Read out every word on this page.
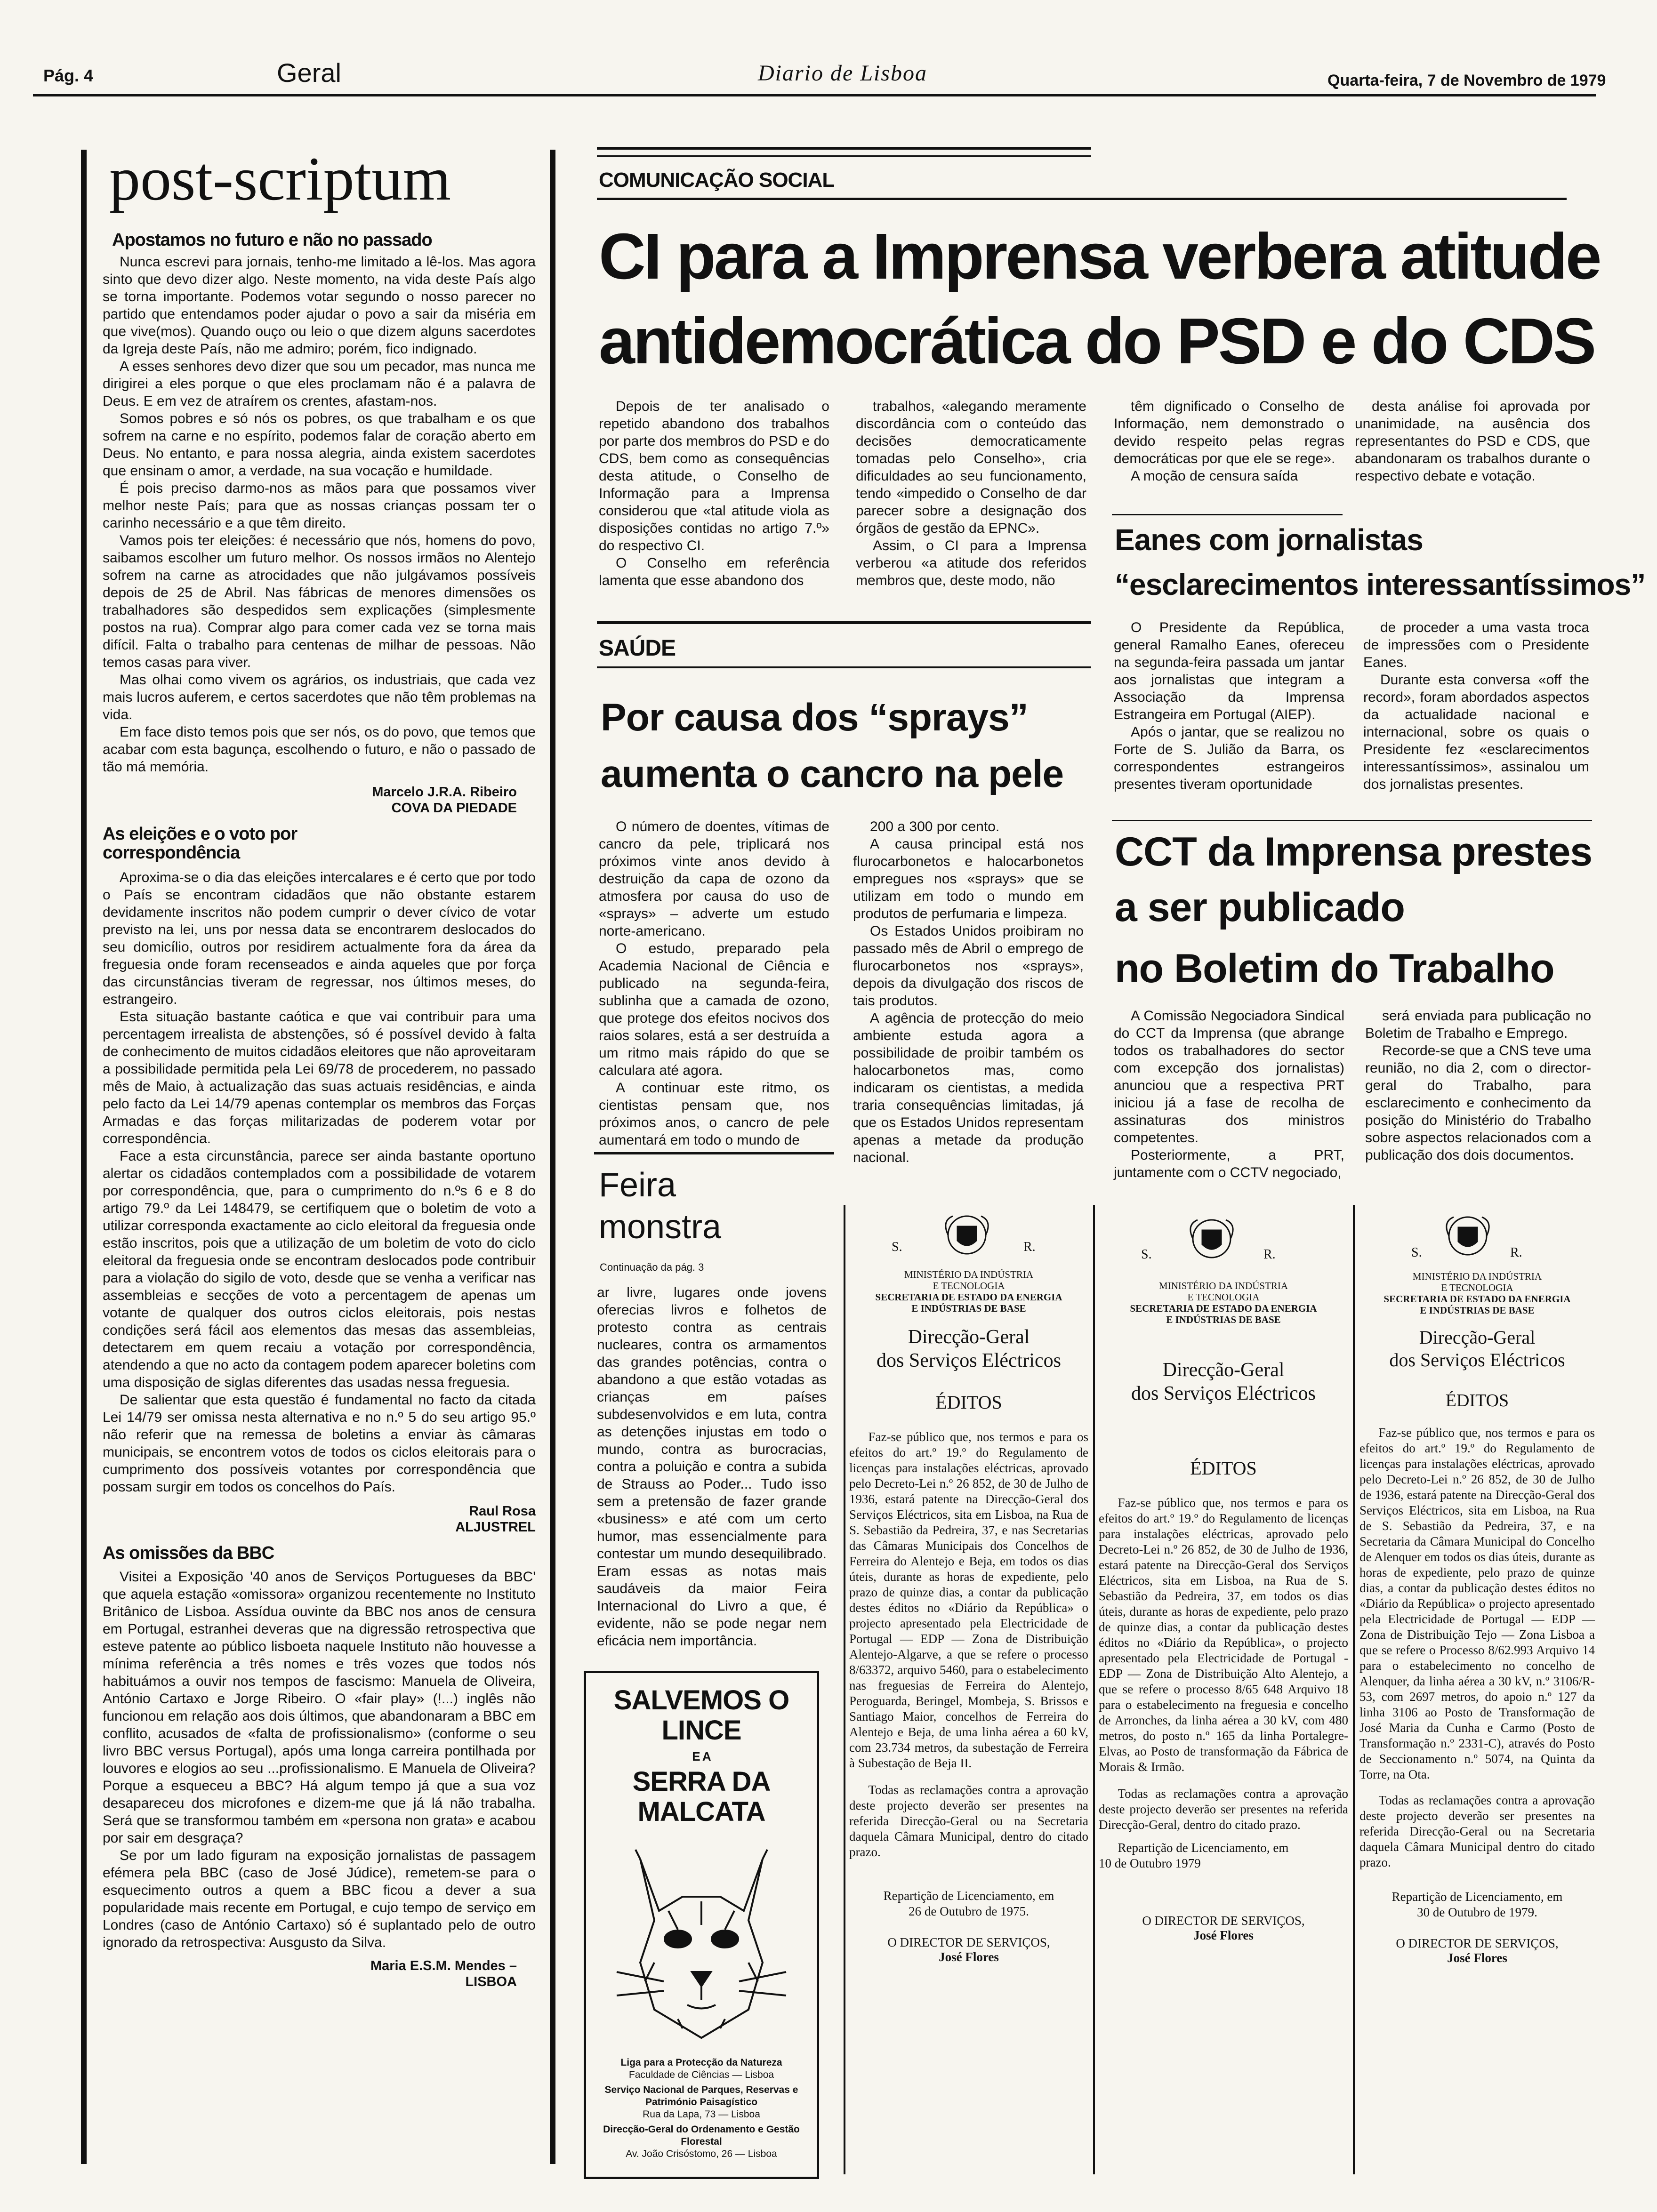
Pág. 4	Geral	Diario de Lisboa	Quarta-feira, 7 de Novembro de 1979
post-scriptum
Apostamos no futuro e não no passado

Nunca escrevi para jornais, tenho-me limitado a lê-los. Mas agora sinto que devo dizer algo. Neste momento, na vida deste País algo se torna importante. Podemos votar segundo o nosso parecer no partido que entendamos poder ajudar o povo a sair da miséria em que vive(mos). Quando ouço ou leio o que dizem alguns sacerdotes da Igreja deste País, não me admiro; porém, fico indignado.

A esses senhores devo dizer que sou um pecador, mas nunca me dirigirei a eles porque o que eles proclamam não é a palavra de Deus. E em vez de atraírem os crentes, afastam-nos.

Somos pobres e só nós os pobres, os que trabalham e os que sofrem na carne e no espírito, podemos falar de coração aberto em Deus. No entanto, e para nossa alegria, ainda existem sacerdotes que ensinam o amor, a verdade, na sua vocação e humildade.

É pois preciso darmo-nos as mãos para que possamos viver melhor neste País; para que as nossas crianças possam ter o carinho necessário e a que têm direito.

Vamos pois ter eleições: é necessário que nós, homens do povo, saibamos escolher um futuro melhor. Os nossos irmãos no Alentejo sofrem na carne as atrocidades que não julgávamos possíveis depois de 25 de Abril. Nas fábricas de menores dimensões os trabalhadores são despedidos sem explicações (simplesmente postos na rua). Comprar algo para comer cada vez se torna mais difícil. Falta o trabalho para centenas de milhar de pessoas. Não temos casas para viver.

Mas olhai como vivem os agrários, os industriais, que cada vez mais lucros auferem, e certos sacerdotes que não têm problemas na vida.

Em face disto temos pois que ser nós, os do povo, que temos que acabar com esta bagunça, escolhendo o futuro, e não o passado de tão má memória.

Marcelo J.R.A. Ribeiro
COVA DA PIEDADE
As eleições e o voto por correspondência

Aproxima-se o dia das eleições intercalares e é certo que por todo o País se encontram cidadãos que não obstante estarem devidamente inscritos não podem cumprir o dever cívico de votar previsto na lei, uns por nessa data se encontrarem deslocados do seu domicílio, outros por residirem actualmente fora da área da freguesia onde foram recenseados e ainda aqueles que por força das circunstâncias tiveram de regressar, nos últimos meses, do estrangeiro.

Esta situação bastante caótica e que vai contribuir para uma percentagem irrealista de abstenções, só é possível devido à falta de conhecimento de muitos cidadãos eleitores que não aproveitaram a possibilidade permitida pela Lei 69/78 de procederem, no passado mês de Maio, à actualização das suas actuais residências, e ainda pelo facto da Lei 14/79 apenas contemplar os membros das Forças Armadas e das forças militarizadas de poderem votar por correspondência.

Face a esta circunstância, parece ser ainda bastante oportuno alertar os cidadãos contemplados com a possibilidade de votarem por correspondência, que, para o cumprimento do n.ºs 6 e 8 do artigo 79.º da Lei 148479, se certifiquem que o boletim de voto a utilizar corresponda exactamente ao ciclo eleitoral da freguesia onde estão inscritos, pois que a utilização de um boletim de voto do ciclo eleitoral da freguesia onde se encontram deslocados pode contribuir para a violação do sigilo de voto, desde que se venha a verificar nas assembleias e secções de voto a percentagem de apenas um votante de qualquer dos outros ciclos eleitorais, pois nestas condições será fácil aos elementos das mesas das assembleias, detectarem em quem recaiu a votação por correspondência, atendendo a que no acto da contagem podem aparecer boletins com uma disposição de siglas diferentes das usadas nessa freguesia.

De salientar que esta questão é fundamental no facto da citada Lei 14/79 ser omissa nesta alternativa e no n.º 5 do seu artigo 95.º não referir que na remessa de boletins a enviar às câmaras municipais, se encontrem votos de todos os ciclos eleitorais para o cumprimento dos possíveis votantes por correspondência que possam surgir em todos os concelhos do País.

Raul Rosa
ALJUSTREL
As omissões da BBC

Visitei a Exposição '40 anos de Serviços Portugueses da BBC' que aquela estação «omissora» organizou recentemente no Instituto Britânico de Lisboa. Assídua ouvinte da BBC nos anos de censura em Portugal, estranhei deveras que na digressão retrospectiva que esteve patente ao público lisboeta naquele Instituto não houvesse a mínima referência a três nomes e três vozes que todos nós habituámos a ouvir nos tempos de fascismo: Manuela de Oliveira, António Cartaxo e Jorge Ribeiro. O «fair play» (!...) inglês não funcionou em relação aos dois últimos, que abandonaram a BBC em conflito, acusados de «falta de profissionalismo» (conforme o seu livro BBC versus Portugal), após uma longa carreira pontilhada por louvores e elogios ao seu ...profissionalismo. E Manuela de Oliveira? Porque a esqueceu a BBC? Há algum tempo já que a sua voz desapareceu dos microfones e dizem-me que já lá não trabalha. Será que se transformou também em «persona non grata» e acabou por sair em desgraça?

Se por um lado figuram na exposição jornalistas de passagem efémera pela BBC (caso de José Júdice), remetem-se para o esquecimento outros a quem a BBC ficou a dever a sua popularidade mais recente em Portugal, e cujo tempo de serviço em Londres (caso de António Cartaxo) só é suplantado pelo de outro ignorado da retrospectiva: Ausgusto da Silva.

Maria E.S.M. Mendes –
LISBOA
COMUNICAÇÃO SOCIAL
CI para a Imprensa verbera atitude
antidemocrática do PSD e do CDS

Depois de ter analisado o repetido abandono dos trabalhos por parte dos membros do PSD e do CDS, bem como as consequências desta atitude, o Conselho de Informação para a Imprensa considerou que «tal atitude viola as disposições contidas no artigo 7.º» do respectivo CI.

O Conselho em referência lamenta que esse abandono dos

trabalhos, «alegando meramente discordância com o conteúdo das decisões democraticamente tomadas pelo Conselho», cria dificuldades ao seu funcionamento, tendo «impedido o Conselho de dar parecer sobre a designação dos órgãos de gestão da EPNC».

Assim, o CI para a Imprensa verberou «a atitude dos referidos membros que, deste modo, não

têm dignificado o Conselho de Informação, nem demonstrado o devido respeito pelas regras democráticas por que ele se rege».

A moção de censura saída

desta análise foi aprovada por unanimidade, na ausência dos representantes do PSD e CDS, que abandonaram os trabalhos durante o respectivo debate e votação.

Eanes com jornalistas
“esclarecimentos interessantíssimos”

O Presidente da República, general Ramalho Eanes, ofereceu na segunda-feira passada um jantar aos jornalistas que integram a Associação da Imprensa Estrangeira em Portugal (AIEP).

Após o jantar, que se realizou no Forte de S. Julião da Barra, os correspondentes estrangeiros presentes tiveram oportunidade

de proceder a uma vasta troca de impressões com o Presidente Eanes.

Durante esta conversa «off the record», foram abordados aspectos da actualidade nacional e internacional, sobre os quais o Presidente fez «esclarecimentos interessantíssimos», assinalou um dos jornalistas presentes.

SAÚDE
Por causa dos “sprays”
aumenta o cancro na pele

O número de doentes, vítimas de cancro da pele, triplicará nos próximos vinte anos devido à destruição da capa de ozono da atmosfera por causa do uso de «sprays» – adverte um estudo norte-americano.

O estudo, preparado pela Academia Nacional de Ciência e publicado na segunda-feira, sublinha que a camada de ozono, que protege dos efeitos nocivos dos raios solares, está a ser destruída a um ritmo mais rápido do que se calculara até agora.

A continuar este ritmo, os cientistas pensam que, nos próximos anos, o cancro de pele aumentará em todo o mundo de

200 a 300 por cento.

A causa principal está nos flurocarbonetos e halocarbonetos empregues nos «sprays» que se utilizam em todo o mundo em produtos de perfumaria e limpeza.

Os Estados Unidos proibiram no passado mês de Abril o emprego de flurocarbonetos nos «sprays», depois da divulgação dos riscos de tais produtos.

A agência de protecção do meio ambiente estuda agora a possibilidade de proibir também os halocarbonetos mas, como indicaram os cientistas, a medida traria consequências limitadas, já que os Estados Unidos representam apenas a metade da produção nacional.

CCT da Imprensa prestes
a ser publicado
no Boletim do Trabalho

A Comissão Negociadora Sindical do CCT da Imprensa (que abrange todos os trabalhadores do sector com excepção dos jornalistas) anunciou que a respectiva PRT iniciou já a fase de recolha de assinaturas dos ministros competentes.

Posteriormente, a PRT, juntamente com o CCTV negociado,

será enviada para publicação no Boletim de Trabalho e Emprego.

Recorde-se que a CNS teve uma reunião, no dia 2, com o director-geral do Trabalho, para esclarecimento e conhecimento da posição do Ministério do Trabalho sobre aspectos relacionados com a publicação dos dois documentos.

Feira
monstra
Continuação da pág. 3

ar livre, lugares onde jovens oferecias livros e folhetos de protesto contra as centrais nucleares, contra os armamentos das grandes potências, contra o abandono a que estão votadas as crianças em países subdesenvolvidos e em luta, contra as detenções injustas em todo o mundo, contra as burocracias, contra a poluição e contra a subida de Strauss ao Poder... Tudo isso sem a pretensão de fazer grande «business» e até com um certo humor, mas essencialmente para contestar um mundo desequilibrado. Eram essas as notas mais saudáveis da maior Feira Internacional do Livro a que, é evidente, não se pode negar nem eficácia nem importância.

SALVEMOS O LINCE
E A
SERRA DA MALCATA
Liga para a Protecção da Natureza
Faculdade de Ciências — Lisboa
Serviço Nacional de Parques, Reservas e Património Paisagístico
Rua da Lapa, 73 — Lisboa
Direcção-Geral do Ordenamento e Gestão Florestal
Av. João Crisóstomo, 26 — Lisboa
S.	R.
MINISTÉRIO DA INDÚSTRIA
E TECNOLOGIA
SECRETARIA DE ESTADO DA ENERGIA
E INDÚSTRIAS DE BASE
Direcção-Geral
dos Serviços Eléctricos
ÉDITOS

Faz-se público que, nos termos e para os efeitos do art.º 19.º do Regulamento de licenças para instalações eléctricas, aprovado pelo Decreto-Lei n.º 26 852, de 30 de Julho de 1936, estará patente na Direcção-Geral dos Serviços Eléctricos, sita em Lisboa, na Rua de S. Sebastião da Pedreira, 37, e nas Secretarias das Câmaras Municipais dos Concelhos de Ferreira do Alentejo e Beja, em todos os dias úteis, durante as horas de expediente, pelo prazo de quinze dias, a contar da publicação destes éditos no «Diário da República» o projecto apresentado pela Electricidade de Portugal — EDP — Zona de Distribuição Alentejo-Algarve, a que se refere o processo 8/63372, arquivo 5460, para o estabelecimento nas freguesias de Ferreira do Alentejo, Peroguarda, Beringel, Mombeja, S. Brissos e Santiago Maior, concelhos de Ferreira do Alentejo e Beja, de uma linha aérea a 60 kV, com 23.734 metros, da subestação de Ferreira à Subestação de Beja II.

Todas as reclamações contra a aprovação deste projecto deverão ser presentes na referida Direcção-Geral ou na Secretaria daquela Câmara Municipal, dentro do citado prazo.

Repartição de Licenciamento, em
26 de Outubro de 1975.
O DIRECTOR DE SERVIÇOS,
José Flores
S.	R.
MINISTÉRIO DA INDÚSTRIA
E TECNOLOGIA
SECRETARIA DE ESTADO DA ENERGIA
E INDÚSTRIAS DE BASE
Direcção-Geral
dos Serviços Eléctricos
ÉDITOS

Faz-se público que, nos termos e para os efeitos do art.º 19.º do Regulamento de licenças para instalações eléctricas, aprovado pelo Decreto-Lei n.º 26 852, de 30 de Julho de 1936, estará patente na Direcção-Geral dos Serviços Eléctricos, sita em Lisboa, na Rua de S. Sebastião da Pedreira, 37, em todos os dias úteis, durante as horas de expediente, pelo prazo de quinze dias, a contar da publicação destes éditos no «Diário da República», o projecto apresentado pela Electricidade de Portugal - EDP — Zona de Distribuição Alto Alentejo, a que se refere o processo 8/65 648 Arquivo 18 para o estabelecimento na freguesia e concelho de Arronches, da linha aérea a 30 kV, com 480 metros, do posto n.º 165 da linha Portalegre-Elvas, ao Posto de transformação da Fábrica de Morais & Irmão.

Todas as reclamações contra a aprovação deste projecto deverão ser presentes na referida Direcção-Geral, dentro do citado prazo.

Repartição de Licenciamento, em
10 de Outubro 1979
O DIRECTOR DE SERVIÇOS,
José Flores
S.	R.
MINISTÉRIO DA INDÚSTRIA
E TECNOLOGIA
SECRETARIA DE ESTADO DA ENERGIA
E INDÚSTRIAS DE BASE
Direcção-Geral
dos Serviços Eléctricos
ÉDITOS

Faz-se público que, nos termos e para os efeitos do art.º 19.º do Regulamento de licenças para instalações eléctricas, aprovado pelo Decreto-Lei n.º 26 852, de 30 de Julho de 1936, estará patente na Direcção-Geral dos Serviços Eléctricos, sita em Lisboa, na Rua de S. Sebastião da Pedreira, 37, e na Secretaria da Câmara Municipal do Concelho de Alenquer em todos os dias úteis, durante as horas de expediente, pelo prazo de quinze dias, a contar da publicação destes éditos no «Diário da República» o projecto apresentado pela Electricidade de Portugal — EDP — Zona de Distribuição Tejo — Zona Lisboa a que se refere o Processo 8/62.993 Arquivo 14 para o estabelecimento no concelho de Alenquer, da linha aérea a 30 kV, n.º 3106/R-53, com 2697 metros, do apoio n.º 127 da linha 3106 ao Posto de Transformação de José Maria da Cunha e Carmo (Posto de Transformação n.º 2331-C), através do Posto de Seccionamento n.º 5074, na Quinta da Torre, na Ota.

Todas as reclamações contra a aprovação deste projecto deverão ser presentes na referida Direcção-Geral ou na Secretaria daquela Câmara Municipal dentro do citado prazo.

Repartição de Licenciamento, em
30 de Outubro de 1979.
O DIRECTOR DE SERVIÇOS,
José Flores
